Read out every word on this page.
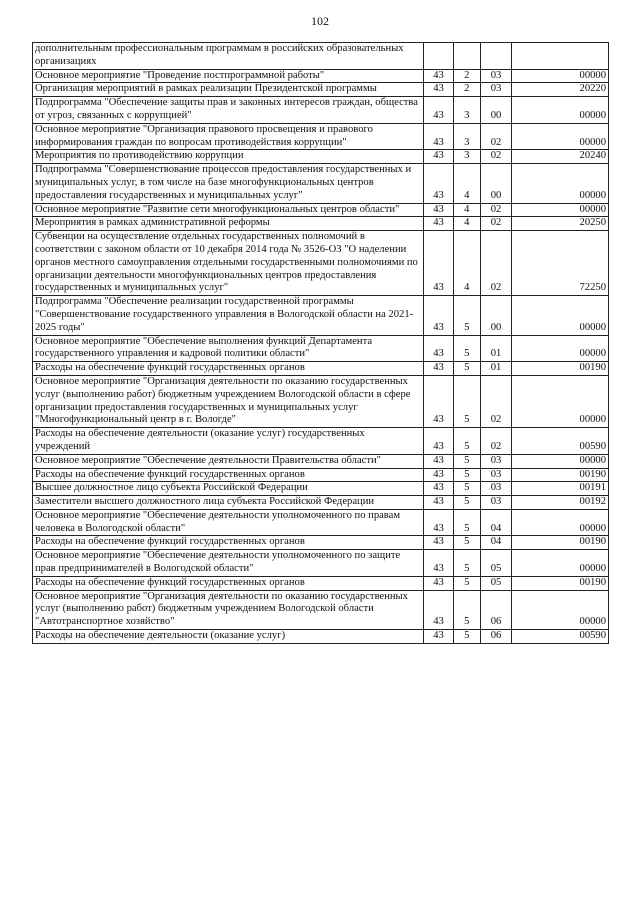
102
дополнительным профессиональным программам в российских образовательных организациях				
Основное мероприятие "Проведение постпрограммной работы"	43	2	03	00000
Организация мероприятий в рамках реализации Президентской программы	43	2	03	20220
Подпрограмма "Обеспечение защиты прав и законных интересов граждан, общества от угроз, связанных с коррупцией"	43	3	00	00000
Основное мероприятие "Организация правового просвещения и правового информирования граждан по вопросам противодействия коррупции"	43	3	02	00000
Мероприятия по противодействию коррупции	43	3	02	20240
Подпрограмма "Совершенствование процессов предоставления государственных и муниципальных услуг, в том числе на базе многофункциональных центров предоставления государственных и муниципальных услуг"	43	4	00	00000
Основное мероприятие "Развитие сети многофункциональных центров области"	43	4	02	00000
Мероприятия в рамках административной реформы	43	4	02	20250
Субвенции на осуществление отдельных государственных полномочий в соответствии с законом области от 10 декабря 2014 года № 3526-ОЗ "О наделении органов местного самоуправления отдельными государственными полномочиями по организации деятельности многофункциональных центров предоставления государственных и муниципальных услуг"	43	4	02	72250
Подпрограмма "Обеспечение реализации государственной программы "Совершенствование государственного управления в Вологодской области на 2021-2025 годы"	43	5	00	00000
Основное мероприятие "Обеспечение выполнения функций Департамента государственного управления и кадровой политики области"	43	5	01	00000
Расходы на обеспечение функций государственных органов	43	5	01	00190
Основное мероприятие "Организация деятельности по оказанию государственных услуг (выполнению работ) бюджетным учреждением Вологодской области в сфере организации предоставления государственных и муниципальных услуг "Многофункциональный центр в г. Вологде"	43	5	02	00000
Расходы на обеспечение деятельности (оказание услуг) государственных учреждений	43	5	02	00590
Основное мероприятие "Обеспечение деятельности Правительства области"	43	5	03	00000
Расходы на обеспечение функций государственных органов	43	5	03	00190
Высшее должностное лицо субъекта Российской Федерации	43	5	03	00191
Заместители высшего должностного лица субъекта Российской Федерации	43	5	03	00192
Основное мероприятие "Обеспечение деятельности уполномоченного по правам человека в Вологодской области"	43	5	04	00000
Расходы на обеспечение функций государственных органов	43	5	04	00190
Основное мероприятие "Обеспечение деятельности уполномоченного по защите прав предпринимателей в Вологодской области"	43	5	05	00000
Расходы на обеспечение функций государственных органов	43	5	05	00190
Основное мероприятие "Организация деятельности по оказанию государственных услуг (выполнению работ) бюджетным учреждением Вологодской области "Автотранспортное хозяйство"	43	5	06	00000
Расходы на обеспечение деятельности (оказание услуг)	43	5	06	00590
